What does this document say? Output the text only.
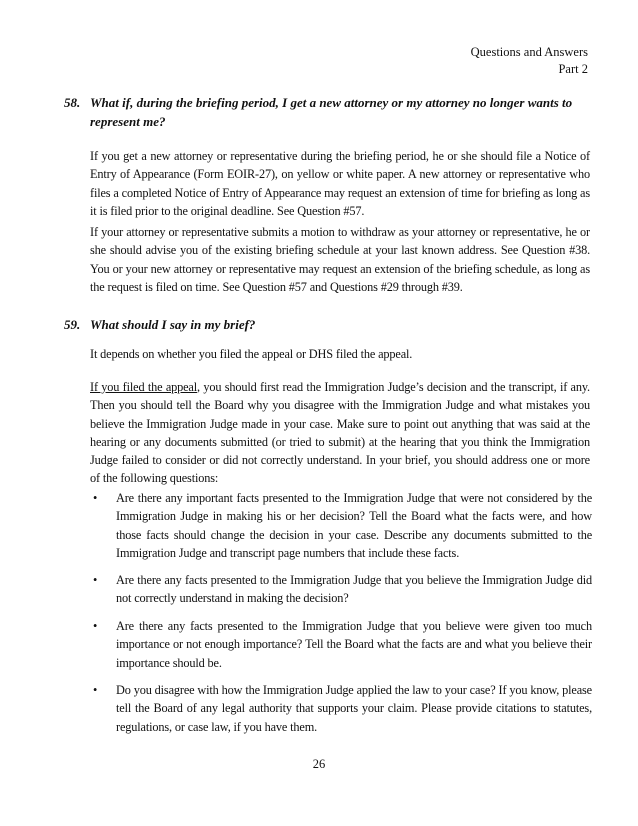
Questions and Answers
Part 2
58. What if, during the briefing period, I get a new attorney or my attorney no longer wants to represent me?
If you get a new attorney or representative during the briefing period, he or she should file a Notice of Entry of Appearance (Form EOIR-27), on yellow or white paper. A new attorney or representative who files a completed Notice of Entry of Appearance may request an extension of time for briefing as long as it is filed prior to the original deadline. See Question #57.
If your attorney or representative submits a motion to withdraw as your attorney or representative, he or she should advise you of the existing briefing schedule at your last known address. See Question #38. You or your new attorney or representative may request an extension of the briefing schedule, as long as the request is filed on time. See Question #57 and Questions #29 through #39.
59. What should I say in my brief?
It depends on whether you filed the appeal or DHS filed the appeal.
If you filed the appeal, you should first read the Immigration Judge’s decision and the transcript, if any. Then you should tell the Board why you disagree with the Immigration Judge and what mistakes you believe the Immigration Judge made in your case. Make sure to point out anything that was said at the hearing or any documents submitted (or tried to submit) at the hearing that you think the Immigration Judge failed to consider or did not correctly understand. In your brief, you should address one or more of the following questions:
• Are there any important facts presented to the Immigration Judge that were not considered by the Immigration Judge in making his or her decision? Tell the Board what the facts were, and how those facts should change the decision in your case. Describe any documents submitted to the Immigration Judge and transcript page numbers that include these facts.
• Are there any facts presented to the Immigration Judge that you believe the Immigration Judge did not correctly understand in making the decision?
• Are there any facts presented to the Immigration Judge that you believe were given too much importance or not enough importance? Tell the Board what the facts are and what you believe their importance should be.
• Do you disagree with how the Immigration Judge applied the law to your case? If you know, please tell the Board of any legal authority that supports your claim. Please provide citations to statutes, regulations, or case law, if you have them.
26
